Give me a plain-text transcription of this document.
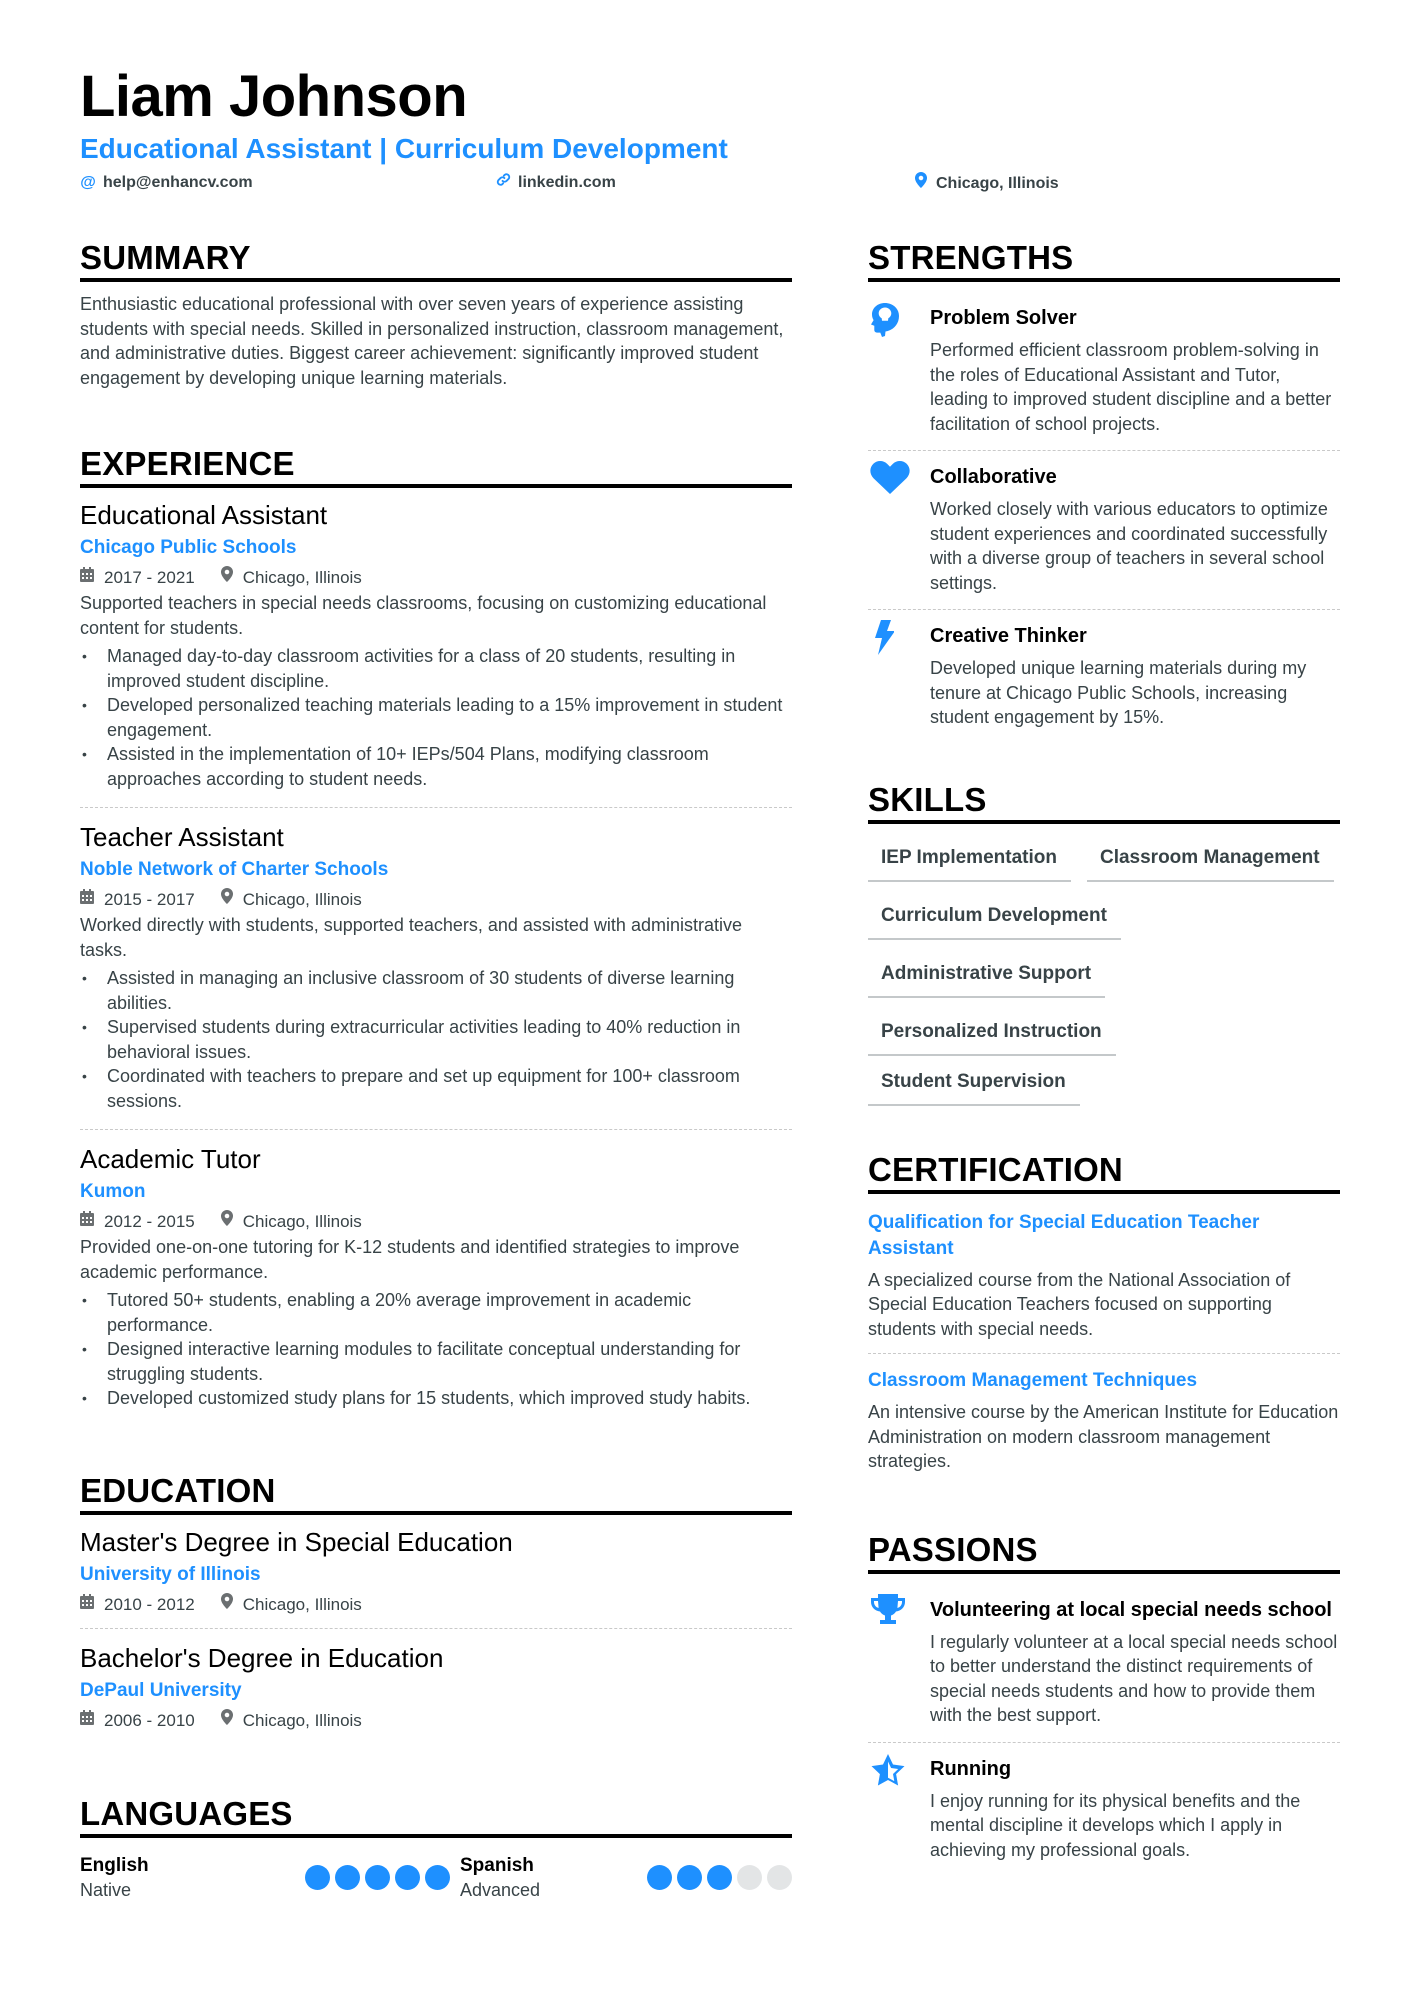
Liam Johnson
Educational Assistant | Curriculum Development
@ help@enhancv.com	linkedin.com	Chicago, Illinois
SUMMARY

Enthusiastic educational professional with over seven years of experience assisting students with special needs. Skilled in personalized instruction, classroom management, and administrative duties. Biggest career achievement: significantly improved student engagement by developing unique learning materials.

EXPERIENCE
Educational Assistant
Chicago Public Schools
2017 - 2021	Chicago, Illinois

Supported teachers in special needs classrooms, focusing on customizing educational content for students.

• Managed day-to-day classroom activities for a class of 20 students, resulting in improved student discipline.
• Developed personalized teaching materials leading to a 15% improvement in student engagement.
• Assisted in the implementation of 10+ IEPs/504 Plans, modifying classroom approaches according to student needs.
Teacher Assistant
Noble Network of Charter Schools
2015 - 2017	Chicago, Illinois

Worked directly with students, supported teachers, and assisted with administrative tasks.

• Assisted in managing an inclusive classroom of 30 students of diverse learning abilities.
• Supervised students during extracurricular activities leading to 40% reduction in behavioral issues.
• Coordinated with teachers to prepare and set up equipment for 100+ classroom sessions.
Academic Tutor
Kumon
2012 - 2015	Chicago, Illinois

Provided one-on-one tutoring for K-12 students and identified strategies to improve academic performance.

• Tutored 50+ students, enabling a 20% average improvement in academic performance.
• Designed interactive learning modules to facilitate conceptual understanding for struggling students.
• Developed customized study plans for 15 students, which improved study habits.
EDUCATION
Master's Degree in Special Education
University of Illinois
2010 - 2012	Chicago, Illinois
Bachelor's Degree in Education
DePaul University
2006 - 2010	Chicago, Illinois
LANGUAGES
English
Native
Spanish
Advanced
STRENGTHS
Problem Solver
Performed efficient classroom problem-solving in the roles of Educational Assistant and Tutor, leading to improved student discipline and a better facilitation of school projects.
Collaborative
Worked closely with various educators to optimize student experiences and coordinated successfully with a diverse group of teachers in several school settings.
Creative Thinker
Developed unique learning materials during my tenure at Chicago Public Schools, increasing student engagement by 15%.
SKILLS
IEP Implementation	Classroom Management
Curriculum Development
Administrative Support
Personalized Instruction
Student Supervision
CERTIFICATION
Qualification for Special Education Teacher Assistant
A specialized course from the National Association of Special Education Teachers focused on supporting students with special needs.
Classroom Management Techniques
An intensive course by the American Institute for Education Administration on modern classroom management strategies.
PASSIONS
Volunteering at local special needs school
I regularly volunteer at a local special needs school to better understand the distinct requirements of special needs students and how to provide them with the best support.
Running
I enjoy running for its physical benefits and the mental discipline it develops which I apply in achieving my professional goals.
